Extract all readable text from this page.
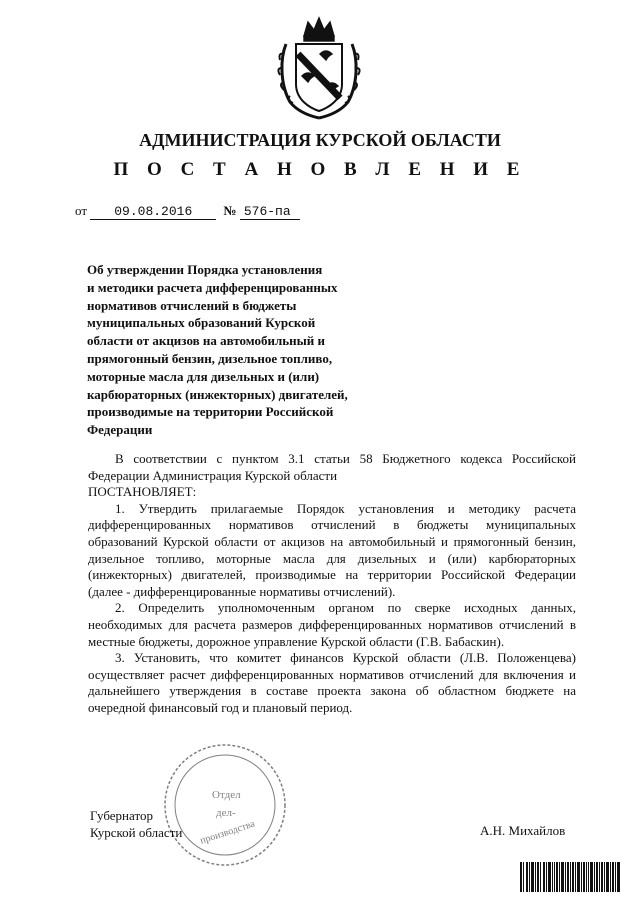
АДМИНИСТРАЦИЯ КУРСКОЙ ОБЛАСТИ
П О С Т А Н О В Л Е Н И Е
от 09.08.2016 № 576-па
Об утверждении Порядка установления
и методики расчета дифференцированных
нормативов отчислений в бюджеты
муниципальных образований Курской
области от акцизов на автомобильный и
прямогонный бензин, дизельное топливо,
моторные масла для дизельных и (или)
карбюраторных (инжекторных) двигателей,
производимые на территории Российской
Федерации

В соответствии с пунктом 3.1 статьи 58 Бюджетного кодекса Российской Федерации Администрация Курской области

ПОСТАНОВЛЯЕТ:

1. Утвердить прилагаемые Порядок установления и методику расчета дифференцированных нормативов отчислений в бюджеты муниципальных образований Курской области от акцизов на автомобильный и прямогонный бензин, дизельное топливо, моторные масла для дизельных и (или) карбюраторных (инжекторных) двигателей, производимые на территории Российской Федерации (далее - дифференцированные нормативы отчислений).

2. Определить уполномоченным органом по сверке исходных данных, необходимых для расчета размеров дифференцированных нормативов отчислений в местные бюджеты, дорожное управление Курской области (Г.В. Бабаскин).

3. Установить, что комитет финансов Курской области (Л.В. Положенцева) осуществляет расчет дифференцированных нормативов отчислений для включения и дальнейшего утверждения в составе проекта закона об областном бюджете на очередной финансовый год и плановый период.

Отдел
дел-
производства
Губернатор
Курской области	А.Н. Михайлов
